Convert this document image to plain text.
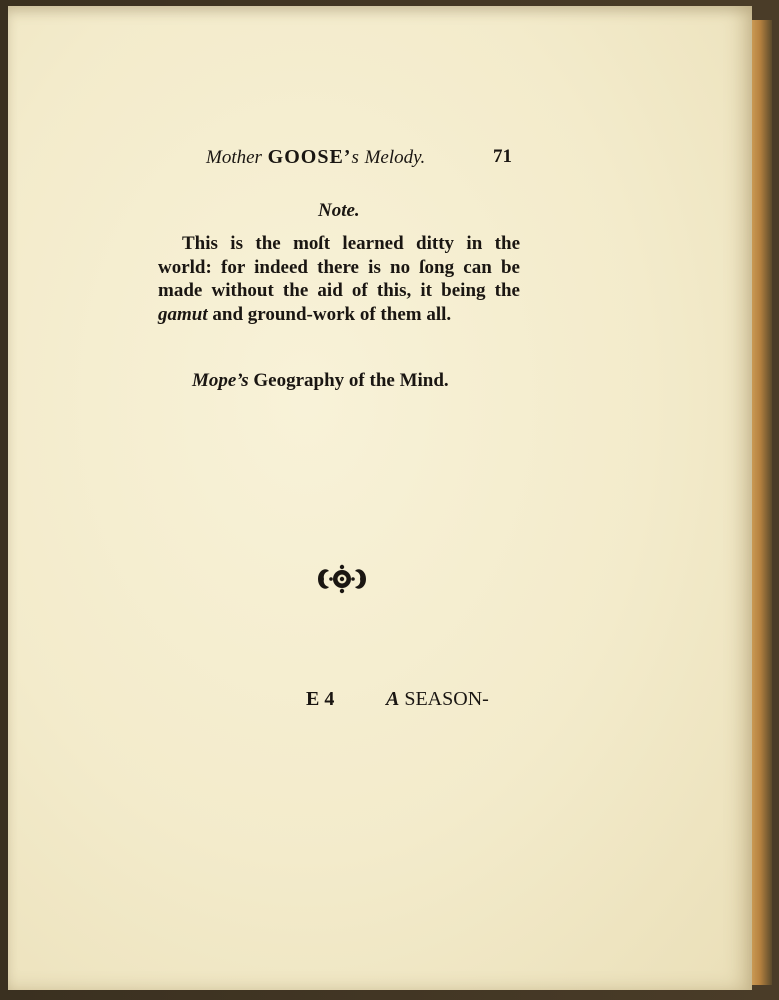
Mother GOOSE’s Melody.	71
Note.
This is the moſt learned ditty in the world: for indeed there is no ſong can be made without the aid of this, it being the gamut and ground-work of them all.
Mope’s Geography of the Mind.
E 4	A SEASON-
